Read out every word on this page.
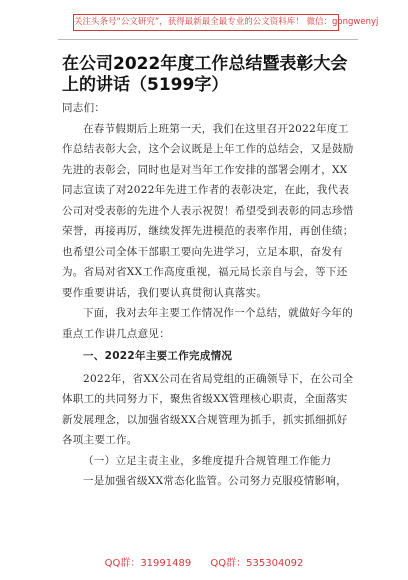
关注头条号“公文研究”，获得最新最全最专业的公文资料库！ 微信：gongwenyj
在公司2022年度工作总结暨表彰大会上的讲话（5199字）

同志们：

在春节假期后上班第一天，我们在这里召开2022年度工作总结表彰大会，这个会议既是上年工作的总结会，又是鼓励先进的表彰会，同时也是对当年工作安排的部署会刚才，XX同志宣读了对2022年先进工作者的表彰决定，在此，我代表公司对受表彰的先进个人表示祝贺！希望受到表彰的同志珍惜荣誉，再接再厉，继续发挥先进模范的表率作用，再创佳绩；也希望公司全体干部职工要向先进学习，立足本职，奋发有为。省局对省XX工作高度重视，福元局长亲自与会，等下还要作重要讲话，我们要认真贯彻认真落实。

下面，我对去年主要工作情况作一个总结，就做好今年的重点工作讲几点意见：

一、2022年主要工作完成情况

2022年，省XX公司在省局党组的正确领导下，在公司全体职工的共同努力下，聚焦省级XX管理核心职责，全面落实新发展理念，以加强省级XX合规管理为抓手，抓实抓细抓好各项主要工作。

（一）立足主责主业，多维度提升合规管理工作能力

一是加强省级XX常态化监管。公司努力克服疫情影响，

QQ群：31991489 QQ群：535304092
